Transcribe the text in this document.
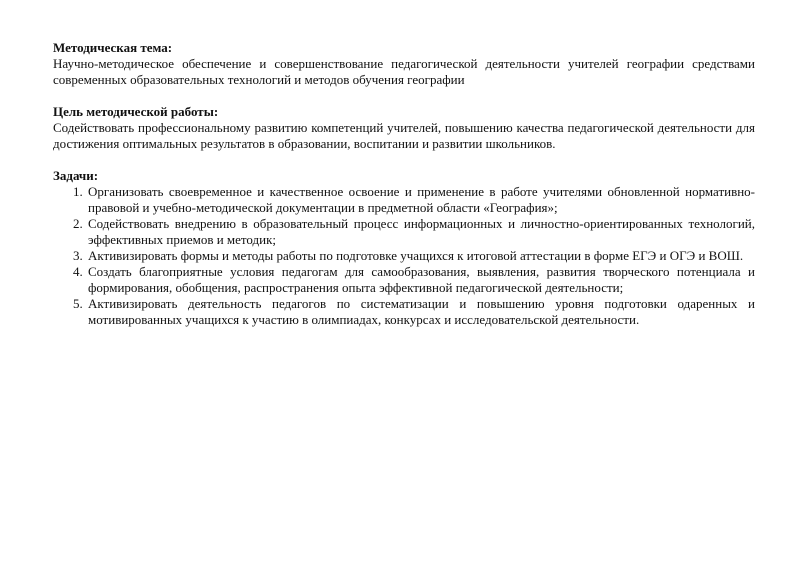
Методическая тема:

Научно-методическое обеспечение и совершенствование педагогической деятельности учителей географии средствами современных образовательных технологий и методов обучения географии

Цель методической работы:

Содействовать профессиональному развитию компетенций учителей, повышению качества педагогической деятельности для достижения оптимальных результатов в образовании, воспитании и развитии школьников.

Задачи:

1. Организовать своевременное и качественное освоение и применение в работе учителями обновленной нормативно-правовой и учебно-методической документации в предметной области «География»;
2. Содействовать внедрению в образовательный процесс информационных и личностно-ориентированных технологий, эффективных приемов и методик;
3. Активизировать формы и методы работы по подготовке учащихся к итоговой аттестации в форме ЕГЭ и ОГЭ и ВОШ.
4. Создать благоприятные условия педагогам для самообразования, выявления, развития творческого потенциала и формирования, обобщения, распространения опыта эффективной педагогической деятельности;
5. Активизировать деятельность педагогов по систематизации и повышению уровня подготовки одаренных и мотивированных учащихся к участию в олимпиадах, конкурсах и исследовательской деятельности.
